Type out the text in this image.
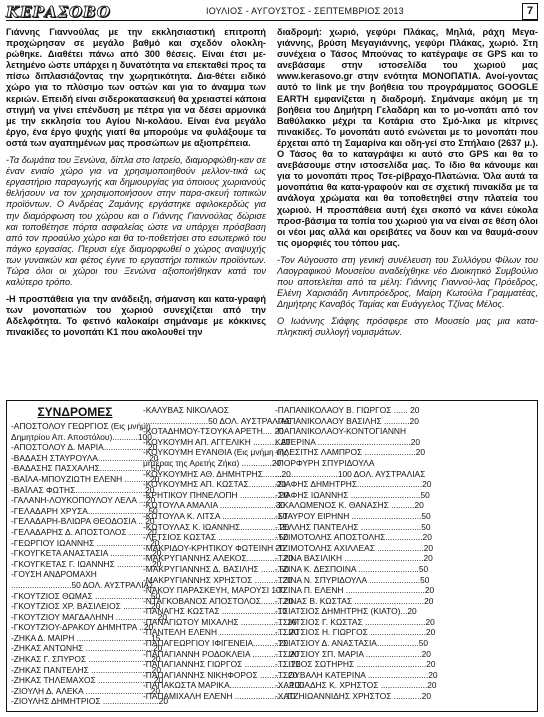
ΚΕΡΑΣΟΒΟ	ΙΟΥΛΙΟΣ - ΑΥΓΟΥΣΤΟΣ - ΣΕΠΤΕΜΒΡΙΟΣ 2013	7

Γιάννης Γιαννούλας με την εκκλησιαστική επιτροπή προχώρησαν σε μεγάλο βαθμό και σχεδόν ολοκλη-ρώθηκε. Διαθέτει πάνω από 300 θέσεις. Είναι έτσι με-λετημένο ώστε υπάρχει η δυνατότητα να επεκταθεί προς τα πίσω διπλασιάζοντας την χωρητικότητα. Δια-θέτει ειδικό χώρο για το πλύσιμο των οστών και για το άναμμα των κεριών. Επειδή είναι σιδεροκατασκευή θα χρειαστεί κάποια στιγμή να γίνει επένδυση με πέτρα για να δέσει αρμονικά με την εκκλησία του Αγίου Νι-κολάου. Είναι ένα μεγάλο έργο, ένα έργο ψυχής γιατί θα μπορούμε να φυλάξουμε τα οστά των αγαπημένων μας προσώπων με αξιοπρέπεια.

-Τα δωμάτια του Ξενώνα, δίπλα στο Ιατρείο, διαμορφώθη-καν σε έναν ενιαίο χώρο για να χρησιμοποιηθούν μελλον-τικά ως εργαστήριο παραγωγής και δημιουργίας για όποιους χωριανούς θελήσουν να τον χρησιμοποιήσουν στην παρα-σκευή τοπικών προϊόντων. Ο Ανδρέας Ζαμάνης εργάστηκε αφιλοκερδώς για την διαμόρφωση του χώρου και ο Γιάννης Γιαννούλας δώρισε και τοποθέτησε πόρτα ασφαλείας ώστε να υπάρχει πρόσβαση από τον προαύλιο χώρο και θα το-ποθετήσει στο εσωτερικό του πάγκο εργασίας. Περυσι είχε διαμορφωθεί ο χώρος αναψυχής των γυναικών και φέτος έγινε το εργαστήρι τοπικών προϊόντων. Τώρα όλοι οι χώροι του Ξενώνα αξιοποιήθηκαν κατά τον καλύτερο τρόπο.

-Η προσπάθεια για την ανάδειξη, σήμανση και κατα-γραφή των μονοπατιών του χωριού συνεχίζεται από την Αδελφότητα. Το φετινό καλοκαίρι σημάναμε με κόκκινες πινακίδες το μονοπάτι Κ1 που ακολουθεί την

διαδρομή: χωριό, γεφύρι Πλάκας, Μηλιά, ράχη Μεγα-γιάννης, βρύση Μεγαγιάννης, γεφύρι Πλάκας, χωριό. Στη συνέχεια ο Τάσος Μπούνας το κατέγραψε σε GPS και το ανεβάσαμε στην ιστοσελίδα του χωριού μας www.kerasovo.gr στην ενότητα ΜΟΝΟΠΑΤΙΑ. Ανοί-γοντας αυτό το link με την βοήθεια του προγράμματος GOOGLE EARTH εμφανίζεται η διαδρομή. Σημάναμε ακόμη με τη βοήθεια του Δημήτρη Γελαδάρη και το μο-νοπάτι από τον Βαθύλακκο μέχρι τα Κοτάρια στο Σμό-λικα με κίτρινες πινακίδες. Το μονοπάτι αυτό ενώνεται με το μονοπάτι που έρχεται από τη Σαμαρίνα και οδη-γεί στο Σπήλαιο (2637 μ.). Ο Τάσος θα το καταγράψει κι αυτό στο GPS και θα το ανεβάσουμε στην ιστοσελίδα μας. Το ίδιο θα κάνουμε και για το μονοπάτι προς Τσε-ρίβραχο-Πλατώνια. Όλα αυτά τα μονοπάτια θα κατα-γραφούν και σε σχετική πινακίδα με τα ανάλογα χρώματα και θα τοποθετηθεί στην πλατεία του χωριού. Η προσπάθεια αυτή έχει σκοπό να κάνει εύκολα προσ-βάσιμα τα τοπία του χωριού για να είναι σε θέση όλοι οι νέοι μας αλλά και ορειβάτες να δουν και να θαυμά-σουν τις ομορφιές του τόπου μας.

-Τον Αύγουστο στη γενική συνέλευση του Συλλόγου Φίλων του Λαογραφικού Μουσείου αναδείχθηκε νέο Διοικητικό Συμβούλιο που αποτελείται από τα μέλη: Γιάννης Γιαννού-λας Πρόεδρος, Ελένη Χαρισιάδη Αντιπρόεδρος, Μαίρη Κωτούλα Γραμματέας, Δημήτρης Καναβός Ταμίας και Ευάγγελος Τζίνας Μέλος.

Ο Ιωάννης Σιάφης πρόσφερε στο Μουσείο μας μια κατα-πληκτική συλλογή νομισμάτων.

ΣΥΝΔΡΟΜΕΣ
-ΑΠΟΣΤΟΛΟΥ ΓΕΩΡΓΙΟΣ (Εις μνήμη
Δημητρίου Απ. Αποστόλου)...........100
-ΑΠΟΣΤΟΛΟΥ Δ. ΜΑΡΙΑ...................20
-ΒΑΔΑΣΗ ΣΤΑΥΡΟΥΛΑ......................20
-ΒΑΔΑΣΗΣ ΠΑΣΧΑΛΗΣ......................50
-ΒΑΪΛΑ-ΜΠΟΥΖΙΩΤΗ ΕΛΕΝΗ ...........20
-ΒΑΪΛΑΣ ΦΩΤΗΣ..............................20
-ΓΑΛΑΝΗ-ΛΟΥΚΟΠΟΥΛΟΥ ΛΕΛΑ ...20
-ΓΕΛΑΔΑΡΗ ΧΡΥΣΑ..........................50
-ΓΕΛΑΔΑΡΗ-ΒΛΙΩΡΑ ΘΕΟΔΟΣΙΑ .. 20
-ΓΕΛΑΔΑΡΗΣ Δ. ΑΠΟΣΤΟΛΟΣ ........20
-ΓΕΩΡΓΙΟΥ ΙΩΑΝΝΗΣ .......................20
-ΓΚΟΥΓΚΕΤΑ ΑΝΑΣΤΑΣΙΑ ..................20
-ΓΚΟΥΓΚΕΤΑΣ Γ. ΙΩΑΝΝΗΣ ...............20
-ΓΟΥΣΗ ΑΝΔΡΟΜΑΧΗ
..........................50 ΔΟΛ. ΑΥΣΤΡΑΛΙΑΣ
-ΓΚΟΥΤΖΙΟΣ ΘΩΜΑΣ ........................50
-ΓΚΟΥΤΖΙΟΣ ΧΡ. ΒΑΣΙΛΕΙΟΣ ............20
-ΓΚΟΥΤΖΙΟΥ ΜΑΓΔΑΛΗΝΗ ..................20
-ΓΚΟΥΤΖΙΟΥ-ΔΡΑΚΟΥ ΔΗΜΗΤΡΑ ..20
-ΖΗΚΑ Δ. ΜΑΙΡΗ ................................15
-ΖΗΚΑΣ ΑΝΤΩΝΗΣ .............................20
-ΖΗΚΑΣ Γ. ΣΠΥΡΟΣ ...........................20
-ΖΗΚΑΣ ΠΑΝΤΕΛΗΣ ..........................20
-ΖΗΚΑΣ ΤΗΛΕΜΑΧΟΣ ........................20
-ΖΙΟΥΛΗ Δ. ΑΛΕΚΑ ............................20
-ΖΙΟΥΛΗΣ ΔΗΜΗΤΡΙΟΣ ........................20
-ΚΑΛΥΒΑΣ ΝΙΚΟΛΑΟΣ
............................50 ΔΟΛ. ΑΥΣΤΡΑΛΙΑΣ
-ΚΟΤΑΔΗΜΟΥ-ΤΣΟΥΚΑ ΑΡΕΤΗ.... 20
-ΚΟΥΚΟΥΜΗ ΑΠ. ΑΓΓΕΛΙΚΗ ............20
-ΚΟΥΚΟΥΜΗ ΕΥΑΝΘΙΑ (Εις μνήμη της
μητέρας της Αρετής Ζήκα) .............20
-ΚΟΥΚΟΥΜΗΣ ΑΘ. ΔΗΜΗΤΡΗΣ........20
-ΚΟΥΚΟΥΜΗΣ ΑΠ. ΚΩΣΤΑΣ............20
-ΚΡΗΤΙΚΟΥ ΠΗΝΕΛΟΠΗ .................20
-ΚΩΤΟΥΛΑ ΑΜΑΛΙΑ ........................30
-ΚΩΤΟΥΛΑ Κ. ΛΙΤΣΑ ........................50
-ΚΩΤΟΥΛΑΣ Κ. ΙΩΑΝΝΗΣ.................20
-ΛΕΤΣΙΟΣ ΚΩΣΤΑΣ ..........................50
-ΜΑΚΡΙΔΟΥ-ΚΡΗΤΙΚΟΥ ΦΩΤΕΙΝΗ 20
-ΜΑΚΡΥΓΙΑΝΝΗΣ ΑΛΕΚΟΣ................20
-ΜΑΚΡΥΓΙΑΝΝΗΣ Δ. ΒΑΣΙΛΗΣ ........50
-ΜΑΚΡΥΓΙΑΝΝΗΣ ΧΡΗΣΤΟΣ ............20
-ΝΑΚΟΥ ΠΑΡΑΣΚΕΥΗ, ΜΑΡΟΥΣΙ 100
-ΝΤΑΓΚΟΒΑΝΟΣ ΑΠΟΣΤΟΛΟΣ..........20
-ΠΑΝΑΓΗΣ ΚΩΣΤΑΣ ........................10
-ΠΑΝΑΓΙΩΤΟΥ ΜΙΧΑΛΗΣ ....................20
-ΠΑΝΤΕΛΗ ΕΛΕΝΗ ..............................20
-ΠΑΠΑΓΕΩΡΓΙΟΥ ΙΦΙΓΕΝΕΙΑ...........20
-ΠΑΠΑΓΙΑΝΝΗ ΡΟΔΟΚΛΕΙΑ ................20
-ΠΑΠΑΓΙΑΝΝΗΣ ΓΙΩΡΓΟΣ ....................20
-ΠΑΠΑΓΙΑΝΝΗΣ ΝΙΚΗΦΟΡΟΣ ............20
-ΠΑΠΑΚΩΣΤΑ ΜΑΡΙΚΑ..........................100
-ΠΑΠΑΜΙΧΑΛΗ ΕΛΕΝΗ ......................10
-ΠΑΠΑΝΙΚΟΛΑΟΥ Β. ΓΙΩΡΓΟΣ ...... 20
-ΠΑΠΑΝΙΚΟΛΑΟΥ ΒΑΣΙΛΗΣ ...........20
-ΠΑΠΑΝΙΚΟΛΑΟΥ-ΚΟΝΤΟΓΙΑΝΝΗ
ΚΑΤΕΡΙΝΑ ........................................20
-ΠΛΕΣΙΤΗΣ ΛΑΜΠΡΟΣ ......................20
-ΠΟΡΦΥΡΗ ΣΠΥΡΙΔΟΥΛΑ
...........................100 ΔΟΛ. ΑΥΣΤΡΑΛΙΑΣ
-ΣΙΑΦΗΣ ΔΗΜΗΤΡΗΣ............................20
-ΣΙΑΦΗΣ ΙΩΑΝΝΗΣ ..............................50
-ΣΚΑΛΩΜΕΝΟΣ Κ. ΘΑΝΑΣΗΣ ..........20
-ΣΤΑΥΡΟΥ ΕΙΡΗΝΗ ..............................50
-ΤΕΛΛΗΣ ΠΑΝΤΕΛΗΣ ..........................50
-ΤΖΙΜΟΤΟΛΗΣ ΑΠΟΣΤΟΛΗΣ................20
-ΤΖΙΜΟΤΟΛΗΣ ΑΧΙΛΛΕΑΣ ....................20
-ΤΖΙΝΑ ΒΑΣΙΛΙΚΗ ..................................20
-ΤΖΙΝΑ Κ. ΔΕΣΠΟΙΝΑ ..........................50
-ΤΖΙΝΑ Ν. ΣΠΥΡΙΔΟΥΛΑ ......................50
-ΤΖΙΝΑ Π. ΕΛΕΝΗ ..................................20
-ΤΖΙΝΑΣ Β. ΚΩΣΤΑΣ ..............................20
-ΤΣΙΑΤΣΙΟΣ ΔΗΜΗΤΡΗΣ (ΚΙΑΤΟ)...20
-ΤΣΙΑΤΣΙΟΣ Γ. ΚΩΣΤΑΣ ..........................20
-ΤΣΙΑΤΣΙΟΣ Η. ΓΙΩΡΓΟΣ ........................20
-ΤΣΙΑΤΣΙΟΥ Δ. ΑΝΑΣΤΑΣΙΑ..................50
-ΤΣΙΑΤΣΙΟΥ ΣΠ. ΜΑΡΙΑ ........................20
-ΤΣΙΤΣΟΣ ΣΩΤΗΡΗΣ ..............................20
-ΤΣΟΥΒΑΛΗ ΚΑΤΕΡΙΝΑ ..........................20
-ΧΑΡΙΣΙΑΔΗΣ Κ. ΧΡΗΣΤΟΣ ....................20
-ΧΑΤΖΗΙΩΑΝΝΙΔΗΣ ΧΡΗΣΤΟΣ ............20
